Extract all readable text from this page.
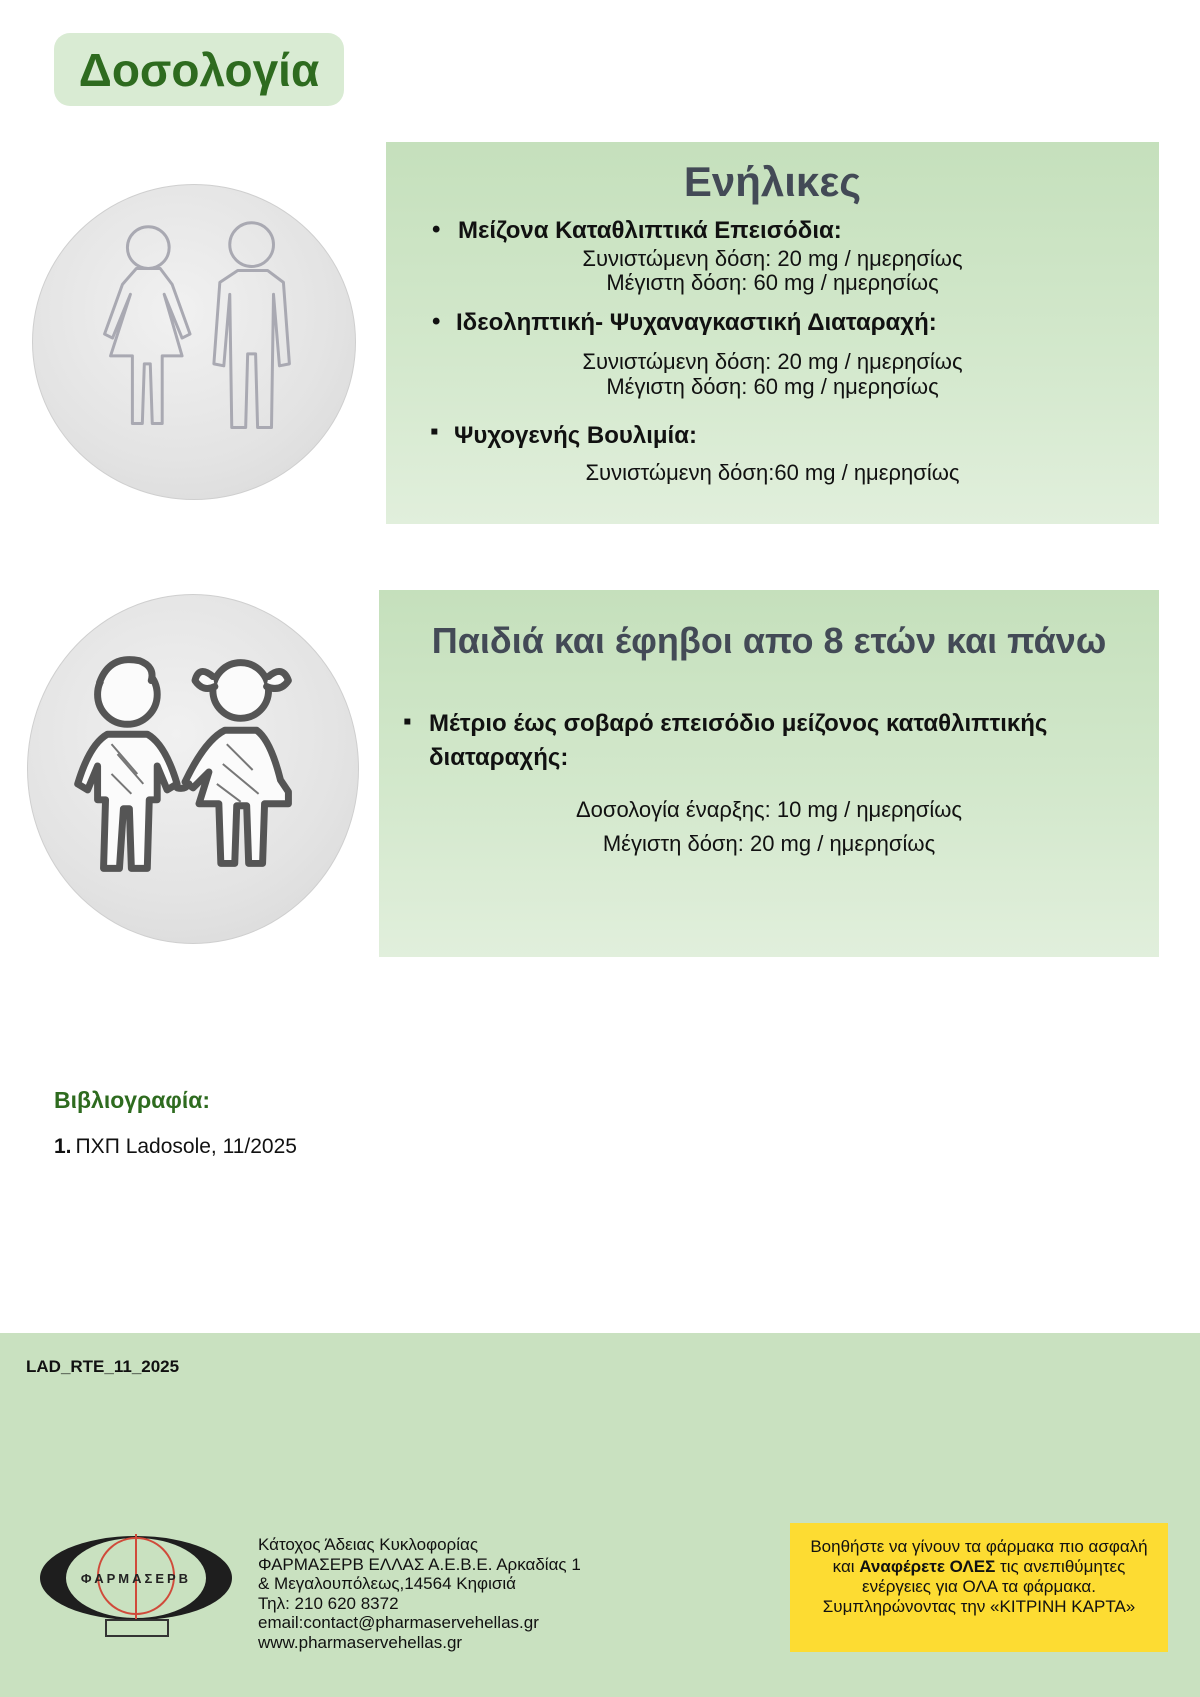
Δοσολογία
Ενήλικες
• Μείζονα Καταθλιπτικά Επεισόδια:
Συνιστώμενη δόση: 20 mg / ημερησίως
Μέγιστη δόση: 60 mg / ημερησίως
• Ιδεοληπτική- Ψυχαναγκαστική Διαταραχή:
Συνιστώμενη δόση: 20 mg / ημερησίως
Μέγιστη δόση: 60 mg / ημερησίως
▪ Ψυχογενής Βουλιμία:
Συνιστώμενη δόση:60 mg / ημερησίως
Παιδιά και έφηβοι απο 8 ετών και πάνω
▪ Μέτριο έως σοβαρό επεισόδιο μείζονος καταθλιπτικής
διαταραχής:
Δοσολογία έναρξης: 10 mg / ημερησίως
Μέγιστη δόση: 20 mg / ημερησίως
Βιβλιογραφία:
1. ΠΧΠ Ladosole, 11/2025
LAD_RTE_11_2025
ΦΑΡΜΑΣΕΡΒ
Κάτοχος Άδειας Κυκλοφορίας
ΦΑΡΜΑΣΕΡΒ ΕΛΛΑΣ Α.Ε.Β.Ε. Αρκαδίας 1
& Μεγαλουπόλεως,14564 Κηφισιά
Τηλ: 210 620 8372
email:contact@pharmaservehellas.gr
www.pharmaservehellas.gr
Βοηθήστε να γίνουν τα φάρμακα πιο ασφαλή και Αναφέρετε ΟΛΕΣ τις ανεπιθύμητες ενέργειες για ΟΛΑ τα φάρμακα. Συμπληρώνοντας την «ΚΙΤΡΙΝΗ ΚΑΡΤΑ»
